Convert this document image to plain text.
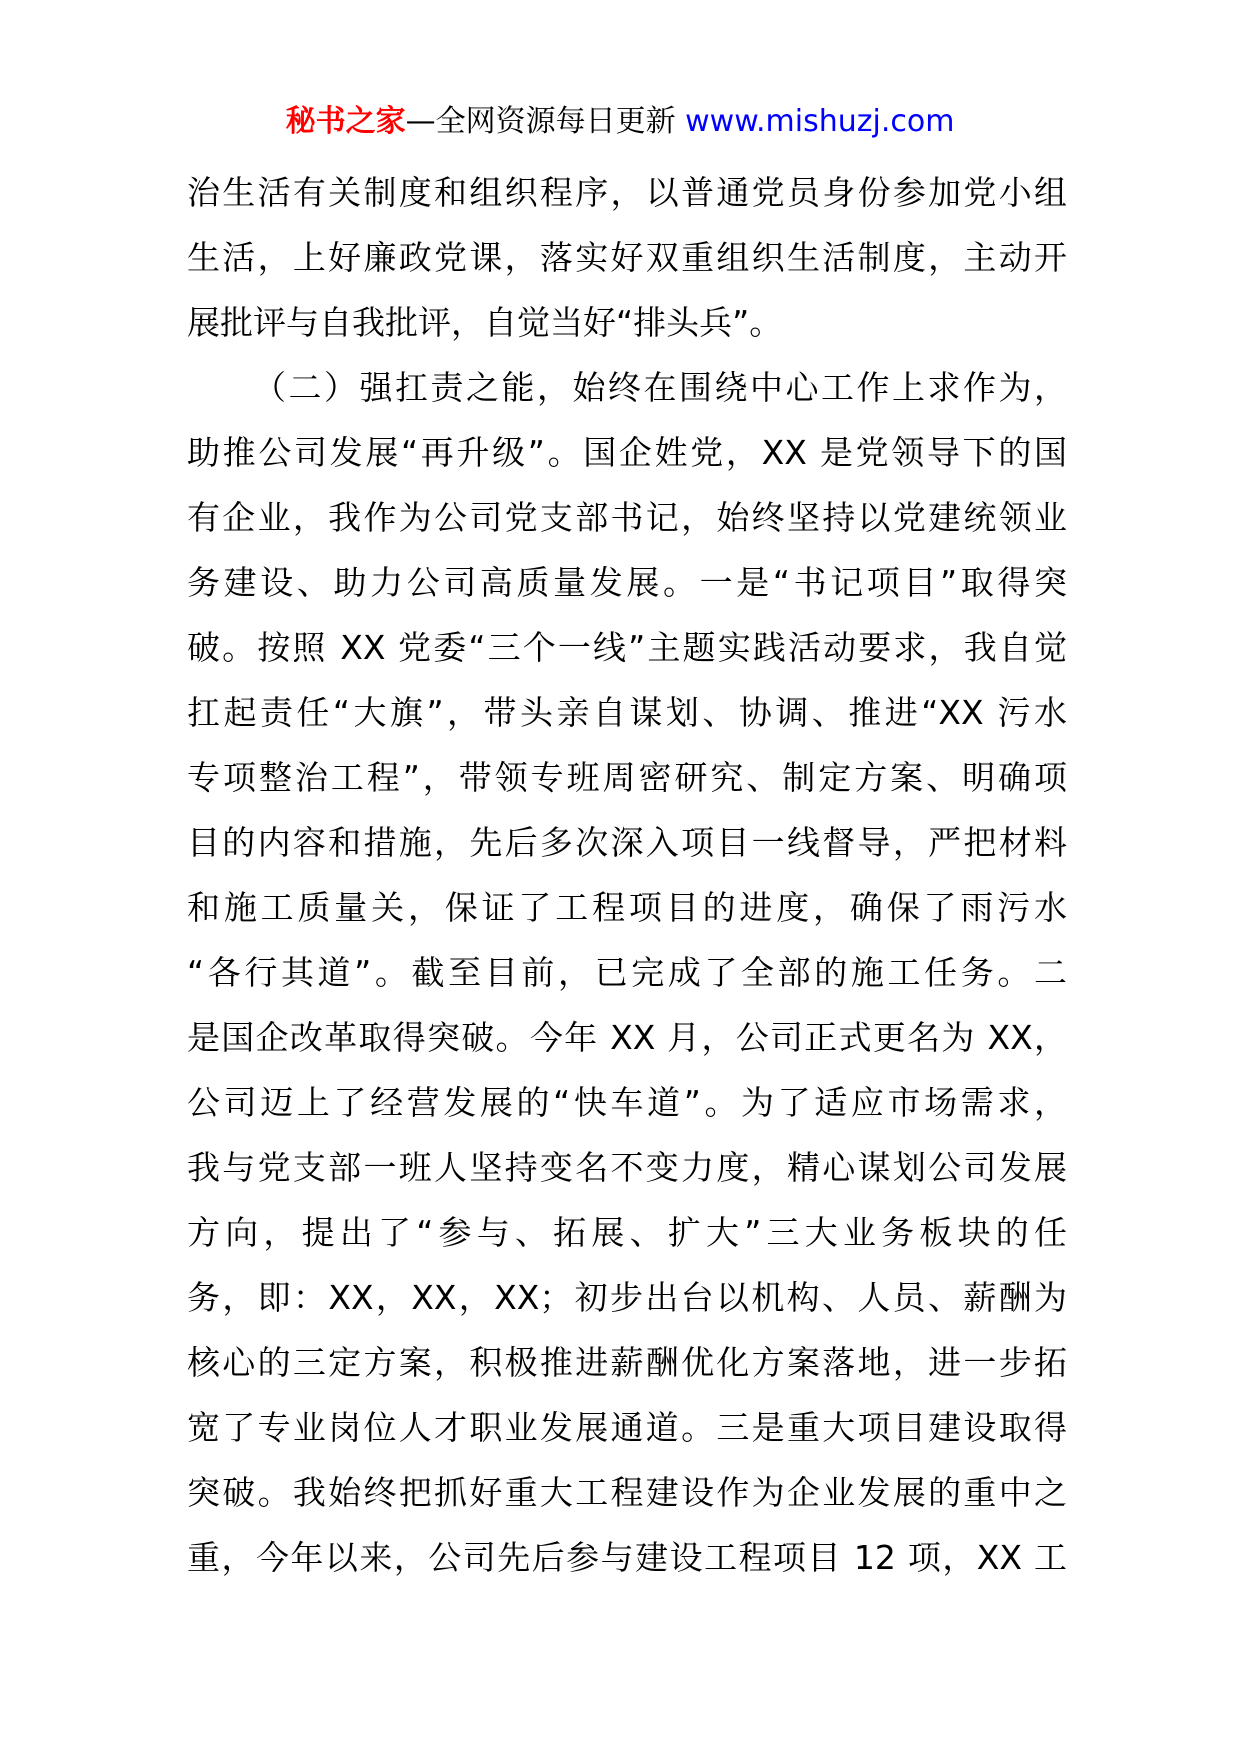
秘书之家—全网资源每日更新 www.mishuzj.com
治生活有关制度和组织程序，以普通党员身份参加党小组
生活，上好廉政党课，落实好双重组织生活制度，主动开
展批评与自我批评，自觉当好“排头兵”。
（二）强扛责之能，始终在围绕中心工作上求作为，
助推公司发展“再升级”。国企姓党，XX 是党领导下的国
有企业，我作为公司党支部书记，始终坚持以党建统领业
务建设、助力公司高质量发展。一是“书记项目”取得突
破。按照 XX 党委“三个一线”主题实践活动要求，我自觉
扛起责任“大旗”，带头亲自谋划、协调、推进“XX 污水
专项整治工程”，带领专班周密研究、制定方案、明确项
目的内容和措施，先后多次深入项目一线督导，严把材料
和施工质量关，保证了工程项目的进度，确保了雨污水
“各行其道”。截至目前，已完成了全部的施工任务。二
是国企改革取得突破。今年 XX 月，公司正式更名为 XX，
公司迈上了经营发展的“快车道”。为了适应市场需求，
我与党支部一班人坚持变名不变力度，精心谋划公司发展
方向，提出了“参与、拓展、扩大”三大业务板块的任
务，即：XX，XX，XX；初步出台以机构、人员、薪酬为
核心的三定方案，积极推进薪酬优化方案落地，进一步拓
宽了专业岗位人才职业发展通道。三是重大项目建设取得
突破。我始终把抓好重大工程建设作为企业发展的重中之
重，今年以来，公司先后参与建设工程项目 12 项，XX 工
